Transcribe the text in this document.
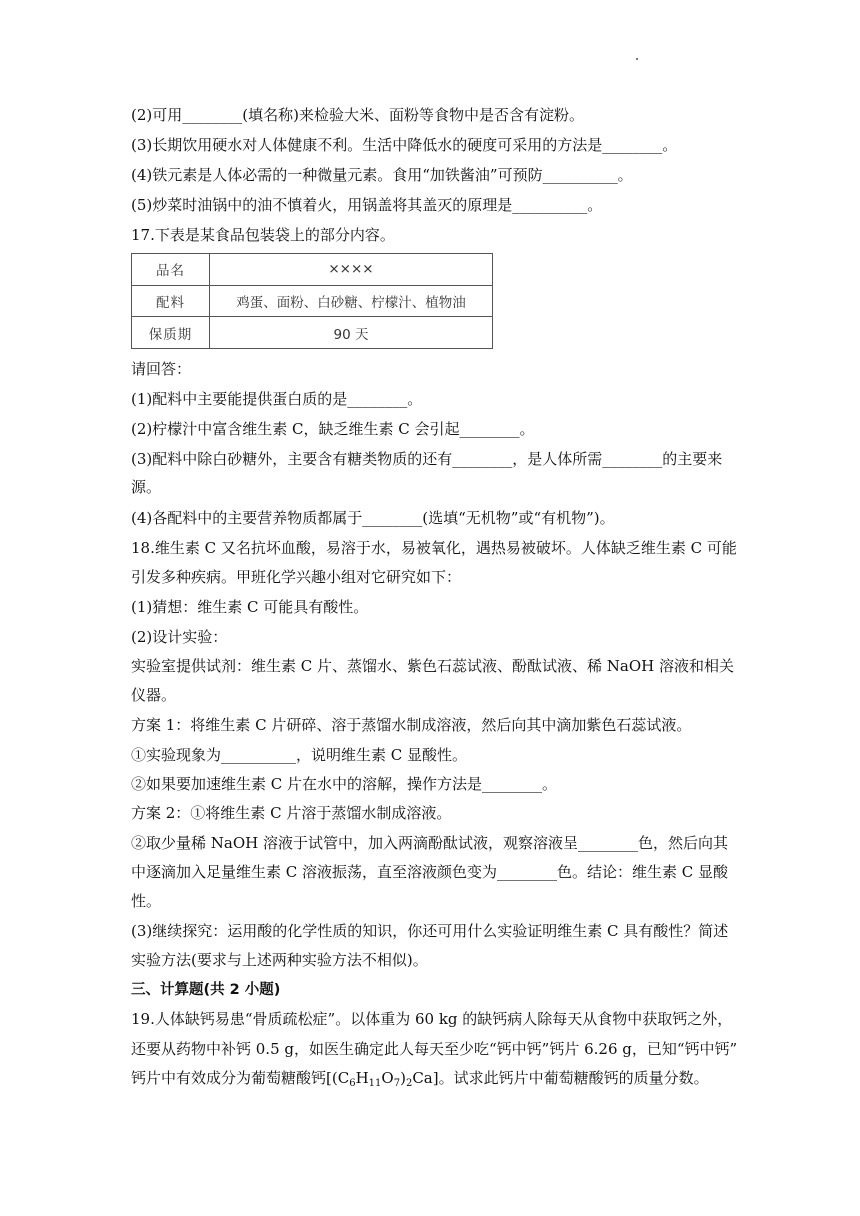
(2)可用________(填名称)来检验大米、面粉等食物中是否含有淀粉。
(3)长期饮用硬水对人体健康不利。生活中降低水的硬度可采用的方法是________。
(4)铁元素是人体必需的一种微量元素。食用“加铁酱油”可预防__________。
(5)炒菜时油锅中的油不慎着火，用锅盖将其盖灭的原理是__________。
17.下表是某食品包装袋上的部分内容。
品名	××××
配料	鸡蛋、面粉、白砂糖、柠檬汁、植物油
保质期	90 天
请回答：
(1)配料中主要能提供蛋白质的是________。
(2)柠檬汁中富含维生素 C，缺乏维生素 C 会引起________。
(3)配料中除白砂糖外，主要含有糖类物质的还有________，是人体所需________的主要来
源。
(4)各配料中的主要营养物质都属于________(选填“无机物”或“有机物”)。
18.维生素 C 又名抗坏血酸，易溶于水，易被氧化，遇热易被破坏。人体缺乏维生素 C 可能
引发多种疾病。甲班化学兴趣小组对它研究如下：
(1)猜想：维生素 C 可能具有酸性。
(2)设计实验：
实验室提供试剂：维生素 C 片、蒸馏水、紫色石蕊试液、酚酞试液、稀 NaOH 溶液和相关
仪器。
方案 1：将维生素 C 片研碎、溶于蒸馏水制成溶液，然后向其中滴加紫色石蕊试液。
①实验现象为__________，说明维生素 C 显酸性。
②如果要加速维生素 C 片在水中的溶解，操作方法是________。
方案 2：①将维生素 C 片溶于蒸馏水制成溶液。
②取少量稀 NaOH 溶液于试管中，加入两滴酚酞试液，观察溶液呈________色，然后向其
中逐滴加入足量维生素 C 溶液振荡，直至溶液颜色变为________色。结论：维生素 C 显酸
性。
(3)继续探究：运用酸的化学性质的知识，你还可用什么实验证明维生素 C 具有酸性？简述
实验方法(要求与上述两种实验方法不相似)。
三、计算题(共 2 小题)
19.人体缺钙易患“骨质疏松症”。以体重为 60 kg 的缺钙病人除每天从食物中获取钙之外，
还要从药物中补钙 0.5 g，如医生确定此人每天至少吃“钙中钙”钙片 6.26 g，已知“钙中钙”
钙片中有效成分为葡萄糖酸钙$[(C_6H_{11}O_7)_2Ca]$。试求此钙片中葡萄糖酸钙的质量分数。
